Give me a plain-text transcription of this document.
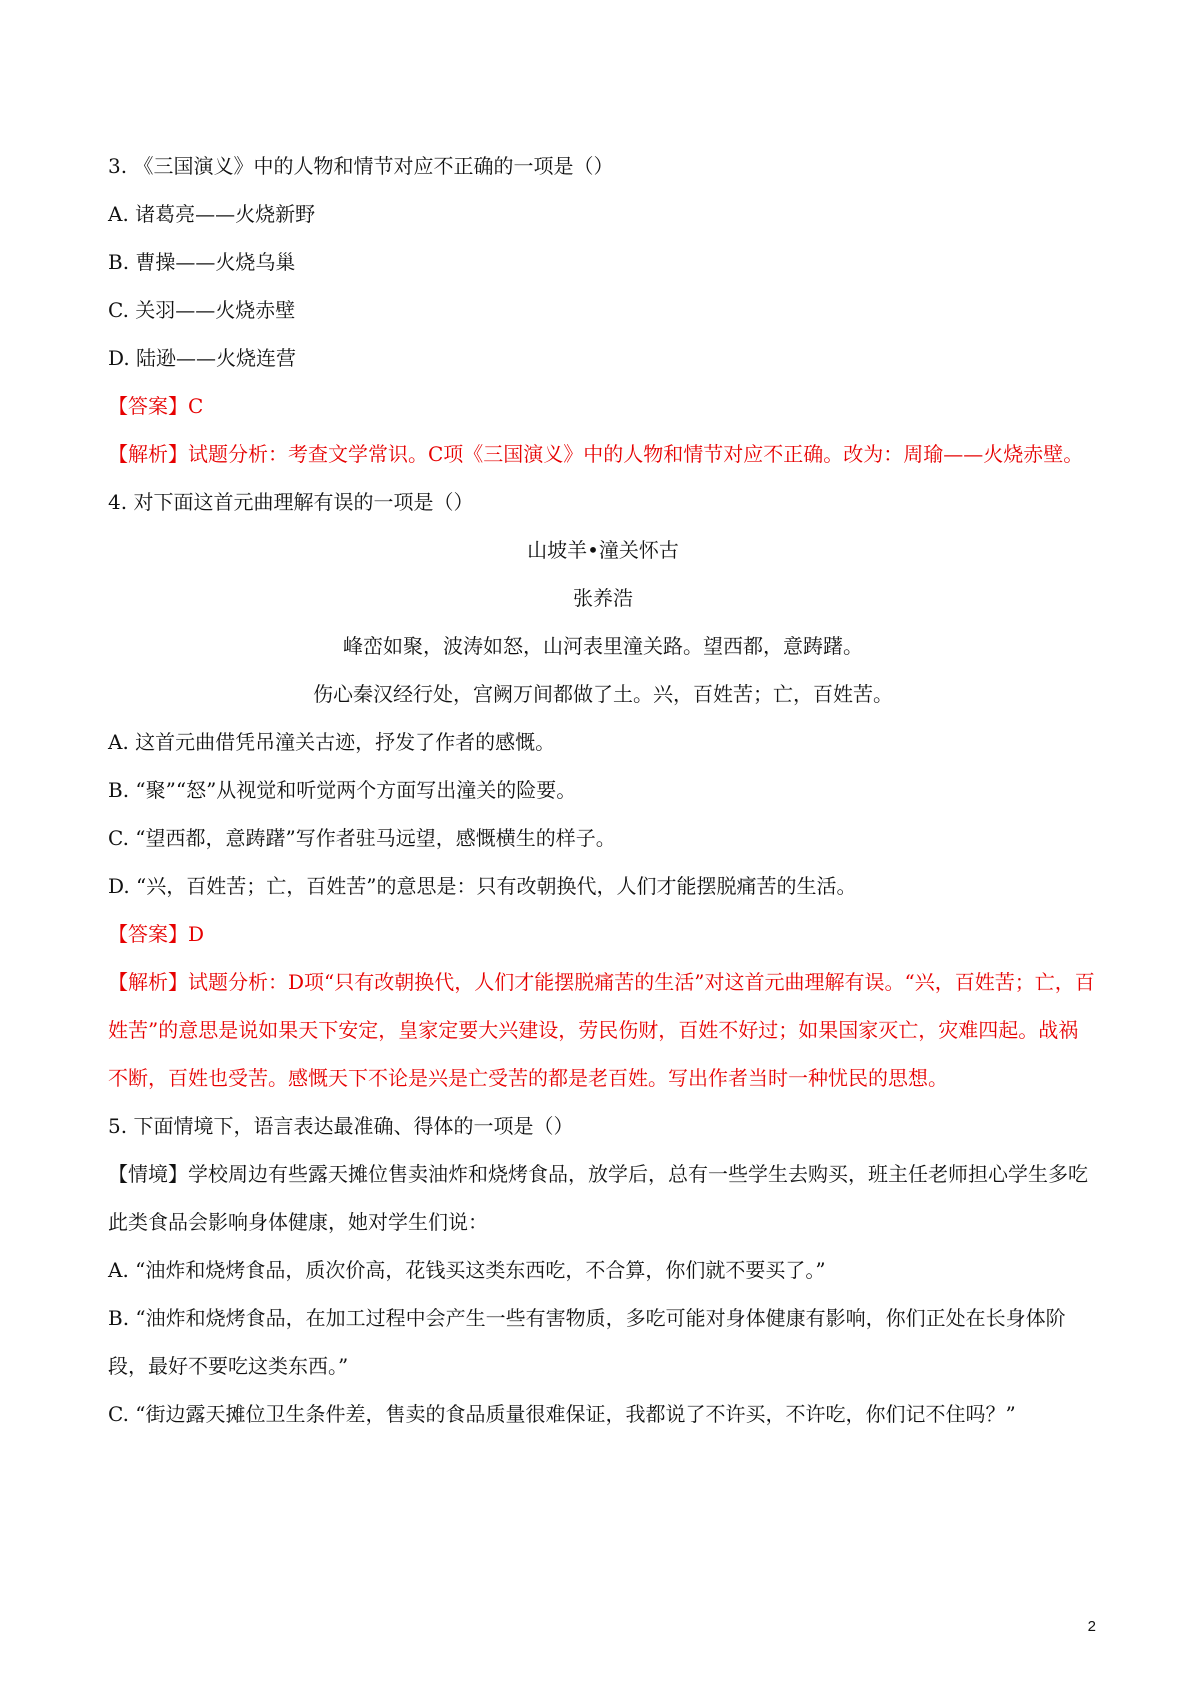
3. 《三国演义》中的人物和情节对应不正确的一项是（）

A. 诸葛亮——火烧新野

B. 曹操——火烧乌巢

C. 关羽——火烧赤壁

D. 陆逊——火烧连营

【答案】C

【解析】试题分析：考查文学常识。C项《三国演义》中的人物和情节对应不正确。改为：周瑜——火烧赤壁。

4. 对下面这首元曲理解有误的一项是（）

山坡羊•潼关怀古

张养浩

峰峦如聚，波涛如怒，山河表里潼关路。望西都，意踌躇。

伤心秦汉经行处，宫阙万间都做了土。兴，百姓苦；亡，百姓苦。

A. 这首元曲借凭吊潼关古迹，抒发了作者的感慨。

B. “聚”“怒”从视觉和听觉两个方面写出潼关的险要。

C. “望西都，意踌躇”写作者驻马远望，感慨横生的样子。

D. “兴，百姓苦；亡，百姓苦”的意思是：只有改朝换代，人们才能摆脱痛苦的生活。

【答案】D

【解析】试题分析：D项“只有改朝换代，人们才能摆脱痛苦的生活”对这首元曲理解有误。“兴，百姓苦；亡，百姓苦”的意思是说如果天下安定，皇家定要大兴建设，劳民伤财，百姓不好过；如果国家灭亡，灾难四起。战祸不断，百姓也受苦。感慨天下不论是兴是亡受苦的都是老百姓。写出作者当时一种忧民的思想。

5. 下面情境下，语言表达最准确、得体的一项是（）

【情境】学校周边有些露天摊位售卖油炸和烧烤食品，放学后，总有一些学生去购买，班主任老师担心学生多吃此类食品会影响身体健康，她对学生们说：

A. “油炸和烧烤食品，质次价高，花钱买这类东西吃，不合算，你们就不要买了。”

B. “油炸和烧烤食品，在加工过程中会产生一些有害物质，多吃可能对身体健康有影响，你们正处在长身体阶段，最好不要吃这类东西。”

C. “街边露天摊位卫生条件差，售卖的食品质量很难保证，我都说了不许买，不许吃，你们记不住吗？”

2
